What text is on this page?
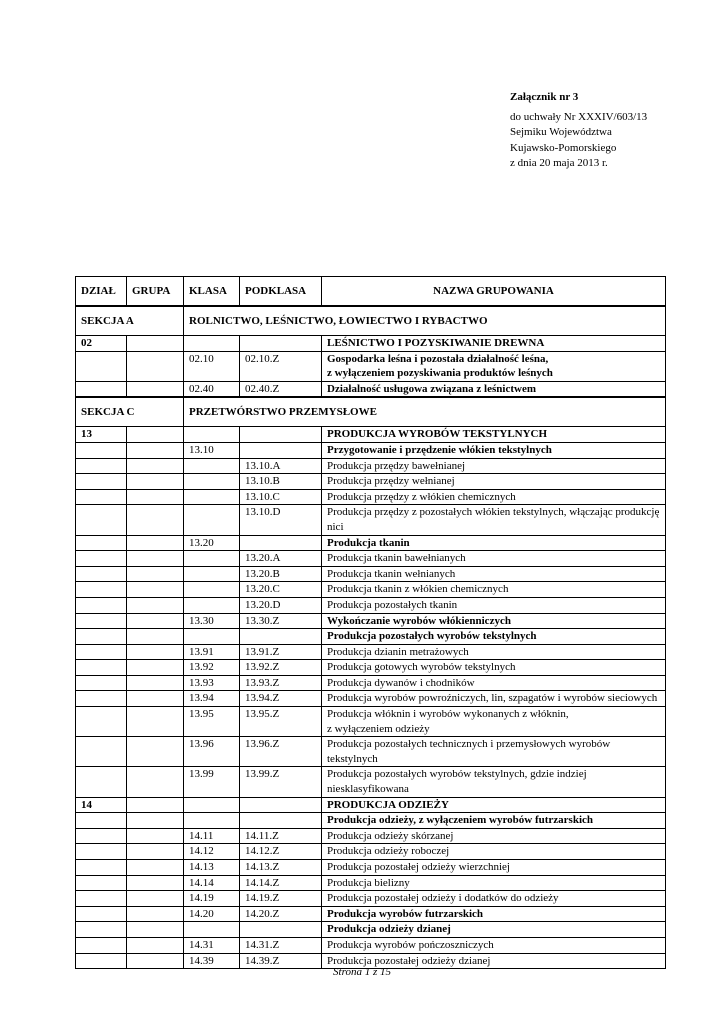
Załącznik nr 3
do uchwały Nr XXXIV/603/13
Sejmiku Województwa
Kujawsko-Pomorskiego
z dnia 20 maja 2013 r.
DZIAŁ	GRUPA	KLASA	PODKLASA	NAZWA GRUPOWANIA
SEKCJA A		ROLNICTWO, LEŚNICTWO, ŁOWIECTWO I RYBACTWO		
02				LEŚNICTWO I POZYSKIWANIE DREWNA
		02.10	02.10.Z	Gospodarka leśna i pozostała działalność leśna,
z wyłączeniem pozyskiwania produktów leśnych
		02.40	02.40.Z	Działalność usługowa związana z leśnictwem
SEKCJA C		PRZETWÓRSTWO PRZEMYSŁOWE		
13				PRODUKCJA WYROBÓW TEKSTYLNYCH
		13.10		Przygotowanie i przędzenie włókien tekstylnych
			13.10.A	Produkcja przędzy bawełnianej
			13.10.B	Produkcja przędzy wełnianej
			13.10.C	Produkcja przędzy z włókien chemicznych
			13.10.D	Produkcja przędzy z pozostałych włókien tekstylnych, włączając produkcję nici
		13.20		Produkcja tkanin
			13.20.A	Produkcja tkanin bawełnianych
			13.20.B	Produkcja tkanin wełnianych
			13.20.C	Produkcja tkanin z włókien chemicznych
			13.20.D	Produkcja pozostałych tkanin
		13.30	13.30.Z	Wykończanie wyrobów włókienniczych
				Produkcja pozostałych wyrobów tekstylnych
		13.91	13.91.Z	Produkcja dzianin metrażowych
		13.92	13.92.Z	Produkcja gotowych wyrobów tekstylnych
		13.93	13.93.Z	Produkcja dywanów i chodników
		13.94	13.94.Z	Produkcja wyrobów powroźniczych, lin, szpagatów i wyrobów sieciowych
		13.95	13.95.Z	Produkcja włóknin i wyrobów wykonanych z włóknin,
z wyłączeniem odzieży
		13.96	13.96.Z	Produkcja pozostałych technicznych i przemysłowych wyrobów tekstylnych
		13.99	13.99.Z	Produkcja pozostałych wyrobów tekstylnych, gdzie indziej niesklasyfikowana
14				PRODUKCJA ODZIEŻY
				Produkcja odzieży, z wyłączeniem wyrobów futrzarskich
		14.11	14.11.Z	Produkcja odzieży skórzanej
		14.12	14.12.Z	Produkcja odzieży roboczej
		14.13	14.13.Z	Produkcja pozostałej odzieży wierzchniej
		14.14	14.14.Z	Produkcja bielizny
		14.19	14.19.Z	Produkcja pozostałej odzieży i dodatków do odzieży
		14.20	14.20.Z	Produkcja wyrobów futrzarskich
				Produkcja odzieży dzianej
		14.31	14.31.Z	Produkcja wyrobów pończoszniczych
		14.39	14.39.Z	Produkcja pozostałej odzieży dzianej
Strona 1 z 15
